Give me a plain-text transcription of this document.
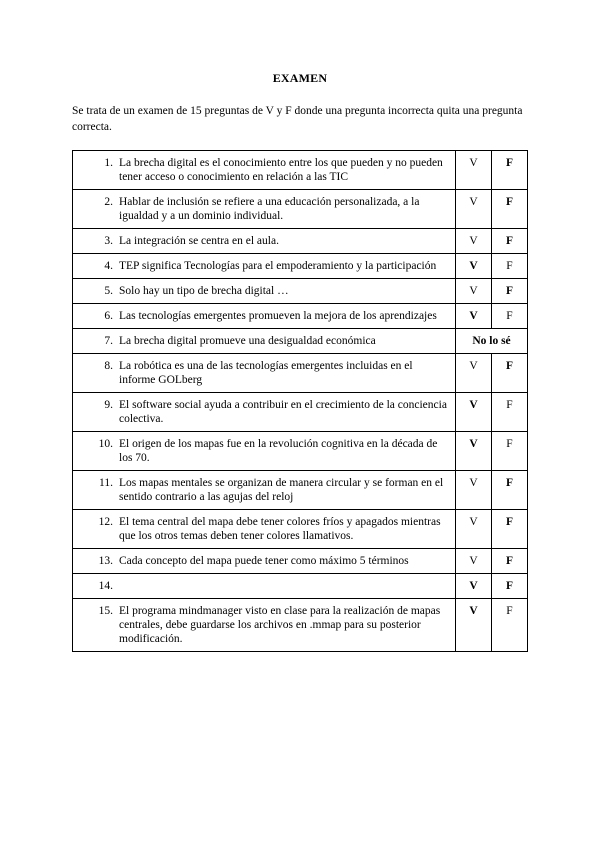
EXAMEN
Se trata de un examen de 15 preguntas de V y F donde una pregunta incorrecta quita una pregunta correcta.
1. La brecha digital es el conocimiento entre los que pueden y no pueden tener acceso o conocimiento en relación a las TIC	V	F

2. Hablar de inclusión se refiere a una educación personalizada, a la igualdad y a un dominio individual.	V	F

3. La integración se centra en el aula.	V	F

4. TEP significa Tecnologías para el empoderamiento y la participación	V	F

5. Solo hay un tipo de brecha digital …	V	F

6. Las tecnologías emergentes promueven la mejora de los aprendizajes	V	F

7. La brecha digital promueve una desigualdad económica	No lo sé	

8. La robótica es una de las tecnologías emergentes incluidas en el informe GOLberg	V	F

9. El software social ayuda a contribuir en el crecimiento de la conciencia colectiva.	V	F

10. El origen de los mapas fue en la revolución cognitiva en la década de los 70.	V	F

11. Los mapas mentales se organizan de manera circular y se forman en el sentido contrario a las agujas del reloj	V	F

12. El tema central del mapa debe tener colores fríos y apagados mientras que los otros temas deben tener colores llamativos.	V	F

13. Cada concepto del mapa puede tener como máximo 5 términos	V	F

14.	V	F

15. El programa mindmanager visto en clase para la realización de mapas centrales, debe guardarse los archivos en .mmap para su posterior modificación.	V	F
